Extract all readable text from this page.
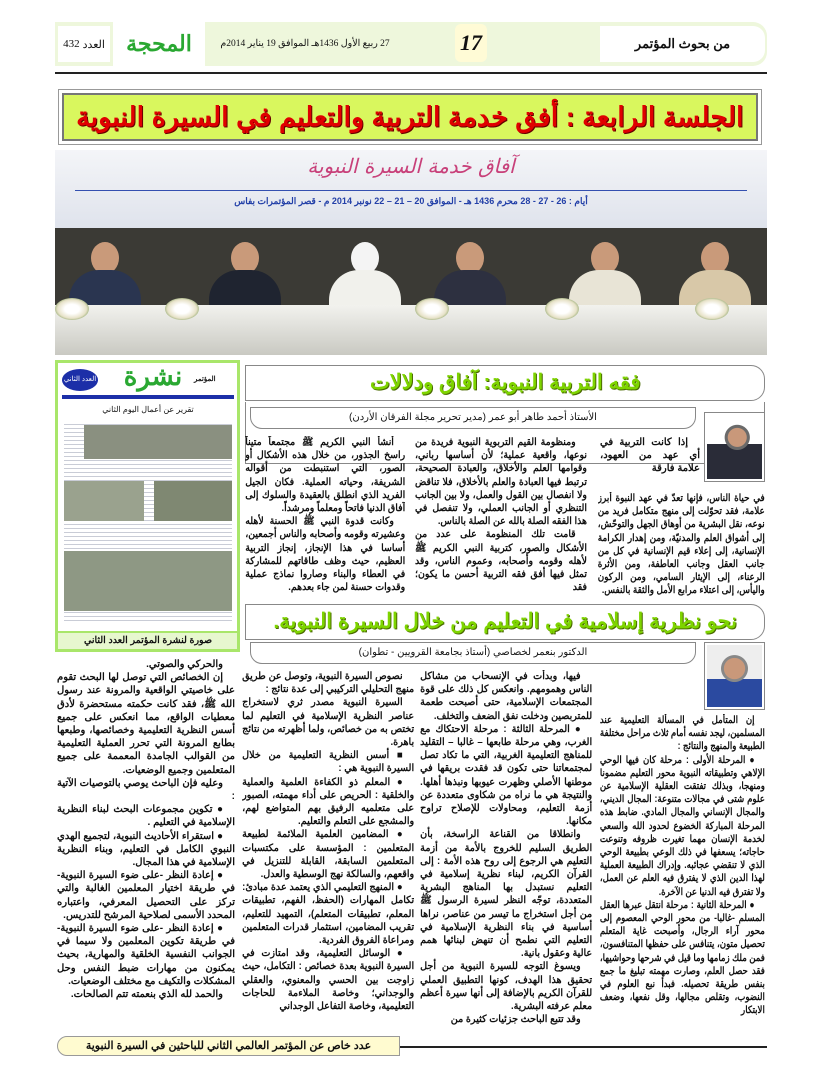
العدد
432	المحجة	27 ربيع الأول 1436هـ الموافق 19 يناير 2014م	17	من بحوث المؤتمر
الجلسة الرابعة : أفق خدمة التربية والتعليم في السيرة النبوية
آفاق خدمة السيرة النبوية
أيام : 26 - 27 - 28 محرم 1436 هـ - الموافق 20 – 21 – 22 نونبر 2014 م - قصر المؤتمرات بفاس
العدد الثاني نشرة	المؤتمر
تقرير عن أعمال اليوم الثاني
صورة لنشرة المؤتمر العدد الثاني
فقه التربية النبوية: آفاق ودلالات
الأستاذ أحمد طاهر أبو عمر (مدير تحرير مجلة الفرقان الأردن)

إذا كانت التربية في أي عهد من العهود، علامة فارقة

ومنظومة القيم التربوية النبوية فريدة من نوعها، واقعية عملية؛ لأن أساسها رباني، وقوامها العلم والأخلاق، والعبادة الصحيحة، ترتبط فيها العبادة والعلم بالأخلاق، فلا تناقض ولا انفصال بين القول والعمل، ولا بين الجانب التنظري أو الجانب العملي، ولا تنفصل في هذا الفقه الصلة بالله عن الصلة بالناس.

قامت تلك المنظومة على عدد من الأشكال والصور، كتربية النبي الكريم ﷺ لأهله وقومه وأصحابه، وعموم الناس، وقد تمثل فيها أفق فقه التربية أحسن ما يكون؛ فقد

أنشأ النبي الكريم ﷺ مجتمعاً متيناً راسخ الجذور، من خلال هذه الأشكال أو الصور، التي استنبطت من أقواله الشريفة، وحياته العملية. فكان الجيل الفريد الذي انطلق بالعقيدة والسلوك إلى آفاق الدنيا فاتحاً ومعلماً ومرشداً.

وكانت قدوة النبي ﷺ الحسنة لأهله وعشيرته وقومه وأصحابه والناس أجمعين، أساسا في هذا الإنجاز، إنجاز التربية العظيم، حيث وظف طاقاتهم للمشاركة في العطاء والبناء وصاروا نماذج عملية وقدوات حسنة لمن جاء بعدهم.

نحو نظرية إسلامية في التعليم من خلال السيرة النبوية.
الدكتور بنعمر لخصاصي (أستاذ بجامعة القرويين - تطوان)

إن المتأمل في المسألة التعليمية عند المسلمين، ليجد نفسه أمام ثلاث مراحل مختلفة الطبيعة والمنهج والنتائج :

● المرحلة الأولى : مرحلة كان فيها الوحي الإلاهي وتطبيقاته النبوية محور التعليم مضمونا ومنهجا، وبذلك تفتقت العقلية الإسلامية عن علوم شتى في مجالات متنوعة: المجال الديني، والمجال الإنساني والمجال المادي. ضابط هذه المرحلة المباركة الخضوع لحدود الله والسعي لخدمة الإنسان مهما تغيرت ظروفه وتنوعت حاجاته؛ يسعفها في ذلك الوعي بطبيعة الوحي الذي لا تنقضي عجائبه. وإدراك الطبيعة العملية لهذا الدين الذي لا يفترق فيه العلم عن العمل، ولا تفترق فيه الدنيا عن الآخرة.

● المرحلة الثانية : مرحلة انتقل عبرها العقل المسلم -غالبا- من محور الوحي المعصوم إلى محور آراء الرجال، وأصبحت غاية المتعلم تحصيل متون، يتنافس على حفظها المتنافسون، فمن ملك زمامها وما قيل في شرحها وحواشيها، فقد حصل العلم، وصارت مهمته تبليغ ما جمع بنفس طريقة تحصيله. فبدأ نبع العلوم في النضوب، وتقلص مجالها، وقل نفعها، وضعف الابتكار

فيها، وبدأت في الإنسحاب من مشاكل الناس وهمومهم. وانعكس كل ذلك على قوة المجتمعات الإسلامية، حتى أصبحت طعمة للمتربصين ودخلت نفق الضعف والتخلف.

● المرحلة الثالثة : مرحلة الاحتكاك مع الغرب، وهي مرحلة طابعها – غالبا – التقليد للمناهج التعليمية الغربية، التي ما تكاد تصل لمجتمعاتنا حتى تكون قد فقدت بريقها في موطنها الأصلي وظهرت عيوبها ونبذها أهلها. والنتيجة هي ما نراه من شكاوى متعددة عن أزمة التعليم، ومحاولات للإصلاح تراوح مكانها.

وانطلاقا من القناعة الراسخة، بأن الطريق السليم للخروج بالأمة من أزمة التعليم هي الرجوع إلى روح هذه الأمة : إلى القرآن الكريم، لبناء نظرية إسلامية في التعليم نستبدل بها المناهج البشرية المتعددة، توجّه النظر لسيرة الرسول ﷺ من أجل استخراج ما تيسر من عناصر، نراها أساسية في بناء النظرية الإسلامية في التعليم التي نطمح أن تنهض لبنائها همم عالية وعقول بانية.

ويسوغ التوجه للسيرة النبوية من أجل تحقيق هذا الهدف، كونها التطبيق العملي للقرآن الكريم بالإضافة إلى أنها سيرة أعظم معلم عرفته البشرية.

وقد تتبع الباحث جزئيات كثيرة من

نصوص السيرة النبوية، وتوصل عن طريق منهج التحليلي التركيبي إلى عدة نتائج :

السيرة النبوية مصدر ثري لاستخراج عناصر النظرية الإسلامية في التعليم لما تختص به من خصائص، ولما أظهرته من نتائج باهرة.

■ أسس النظرية التعليمية من خلال السيرة النبوية هي :

● المعلم ذو الكفاءة العلمية والعملية والخلقية : الحريص على أداء مهمته، الصبور على متعلميه الرفيق بهم المتواضع لهم، والمشجع على التعلم والتعليم.

● المضامين العلمية الملائمة لطبيعة المتعلمين : المؤسسة على مكتسبات المتعلمين السابقة، القابلة للتنزيل في واقعهم، والسالكة نهج الوسطية والعدل.

● المنهج التعليمي الذي يعتمد عدة مبادئ: تكامل المهارات (الحفظ، الفهم، تطبيقات المعلم، تطبيقات المتعلم)، التمهيد للتعليم، تقريب المضامين، استثمار قدرات المتعلمين ومراعاة الفروق الفردية.

● الوسائل التعليمية، وقد امتازت في السيرة النبوية بعدة خصائص : التكامل، حيث زاوجت بين الحسي والمعنوي، والعقلي والوجداني؛ وخاصة الملاءمة للحاجات التعليمية، وخاصة التفاعل الوجداني

والحركي والصوتي.

إن الخصائص التي توصل لها البحث تقوم على خاصيتي الواقعية والمرونة عند رسول الله ﷺ، فقد كانت حكمته مستحضرة لأدق معطيات الواقع، مما انعكس على جميع أسس النظرية التعليمية وخصائصها، وطبعها بطابع المرونة التي تحرر العملية التعليمية من القوالب الجامدة المعممة على جميع المتعلمين وجميع الوضعيات.

وعليه فإن الباحث يوصي بالتوصيات الآتية :

● تكوين مجموعات البحث لبناء النظرية الإسلامية في التعليم .

● استقراء الأحاديث النبوية، لتجميع الهدي النبوي الكامل في التعليم، وبناء النظرية الإسلامية في هذا المجال.

● إعادة النظر -على ضوء السيرة النبوية- في طريقة اختيار المعلمين الغالبة والتي تركز على التحصيل المعرفي، واعتباره المحدد الأسمى لصلاحية المرشح للتدريس.

● إعادة النظر -على ضوء السيرة النبوية- في طريقة تكوين المعلمين ولا سيما في الجوانب النفسية الخلقية والمهارية، بحيث يمكنون من مهارات ضبط النفس وحل المشكلات والتكيف مع مختلف الوضعيات.

والحمد لله الذي بنعمته تتم الصالحات.

عدد خاص عن المؤتمر العالمي الثاني للباحثين في السيرة النبوية
في حياة الناس، فإنها تعدّ في عهد النبوة أبرز علامة، فقد تحوّلت إلى منهج متكامل فريد من نوعه، نقل البشرية من أوهاق الجهل والتوحّش، إلى أشواق العلم والمدنيّة، ومن إهدار الكرامة الإنسانية، إلى إعلاء قيم الإنسانية في كل من جانب العقل وجانب العاطفة، ومن الأثرة الرعناء، إلى الإيثار السامي، ومن الركون واليأس، إلى اعتلاء مرابع الأمل والثقة بالنفس.
